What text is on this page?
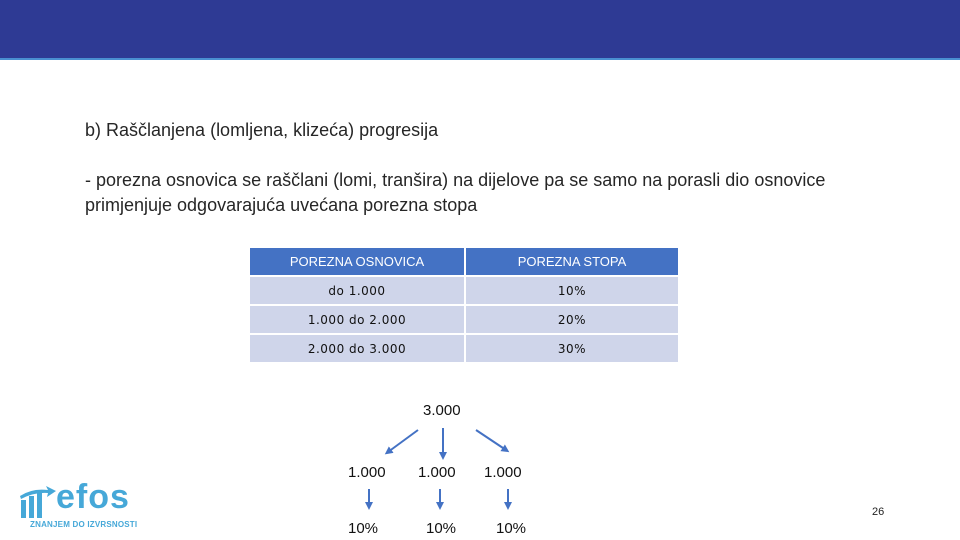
b) Raščlanjena (lomljena, klizeća) progresija
- porezna osnovica se raščlani (lomi, tranšira) na dijelove pa se samo na porasli dio osnovice primjenjuje odgovarajuća uvećana porezna stopa
POREZNA OSNOVICA	POREZNA STOPA
do 1.000	10%
1.000 do 2.000	20%
2.000 do 3.000	30%
3.000
1.000 1.000 1.000
10%	10%	10%
efos
ZNANJEM DO IZVRSNOSTI
26
